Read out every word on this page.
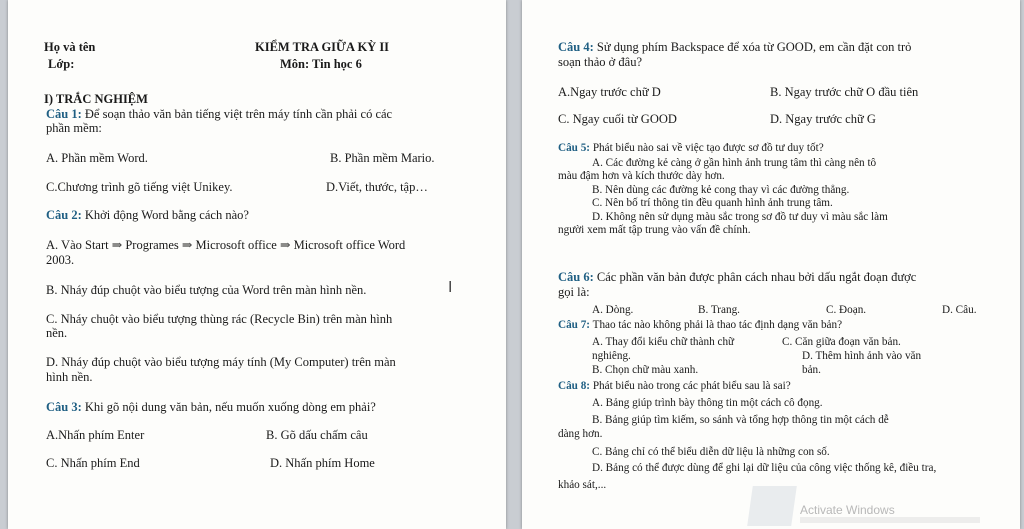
Họ và tên
Lớp:
KIỂM TRA GIỮA KỲ II
Môn: Tin học 6
I) TRẮC NGHIỆM
Câu 1: Để soạn thảo văn bản tiếng việt trên máy tính cần phải có các
phần mềm:
A. Phần mềm Word.	B. Phần mềm Mario.
C.Chương trình gõ tiếng việt Unikey.	D.Viết, thước, tập…
Câu 2: Khởi động Word bằng cách nào?
A. Vào Start ⇒ Programes ⇒ Microsoft office ⇒ Microsoft office Word
2003.
B. Nháy đúp chuột vào biểu tượng của Word trên màn hình nền.
C. Nháy chuột vào biểu tượng thùng rác (Recycle Bin) trên màn hình
nền.
D. Nháy đúp chuột vào biểu tượng máy tính (My Computer) trên màn
hình nền.
Câu 3: Khi gõ nội dung văn bản, nếu muốn xuống dòng em phải?
A.Nhấn phím Enter	B. Gõ dấu chấm câu
C. Nhấn phím End	D. Nhấn phím Home
I
Câu 4: Sử dụng phím Backspace để xóa từ GOOD, em cần đặt con trỏ
soạn thảo ở đâu?
A.Ngay trước chữ D	B. Ngay trước chữ O đầu tiên
C. Ngay cuối từ GOOD	D. Ngay trước chữ G
Câu 5: Phát biểu nào sai về việc tạo được sơ đồ tư duy tốt?
A. Các đường kẻ càng ở gần hình ảnh trung tâm thì càng nên tô
màu đậm hơn và kích thước dày hơn.
B. Nên dùng các đường kẻ cong thay vì các đường thẳng.
C. Nên bố trí thông tin đều quanh hình ảnh trung tâm.
D. Không nên sử dụng màu sắc trong sơ đồ tư duy vì màu sắc làm
người xem mất tập trung vào vấn đề chính.
Câu 6: Các phần văn bản được phân cách nhau bởi dấu ngắt đoạn được
gọi là:
A. Dòng.	B. Trang.	C. Đoạn.	D. Câu.
Câu 7: Thao tác nào không phải là thao tác định dạng văn bản?
A. Thay đổi kiểu chữ thành chữ	C. Căn giữa đoạn văn bản.
nghiêng.	D. Thêm hình ảnh vào văn
B. Chọn chữ màu xanh.	bản.
Câu 8: Phát biểu nào trong các phát biểu sau là sai?
A. Bảng giúp trình bày thông tin một cách cô đọng.
B. Bảng giúp tìm kiếm, so sánh và tổng hợp thông tin một cách dễ
dàng hơn.
C. Bảng chỉ có thể biểu diễn dữ liệu là những con số.
D. Bảng có thể được dùng để ghi lại dữ liệu của công việc thống kê, điều tra,
khảo sát,...
Activate Windows
